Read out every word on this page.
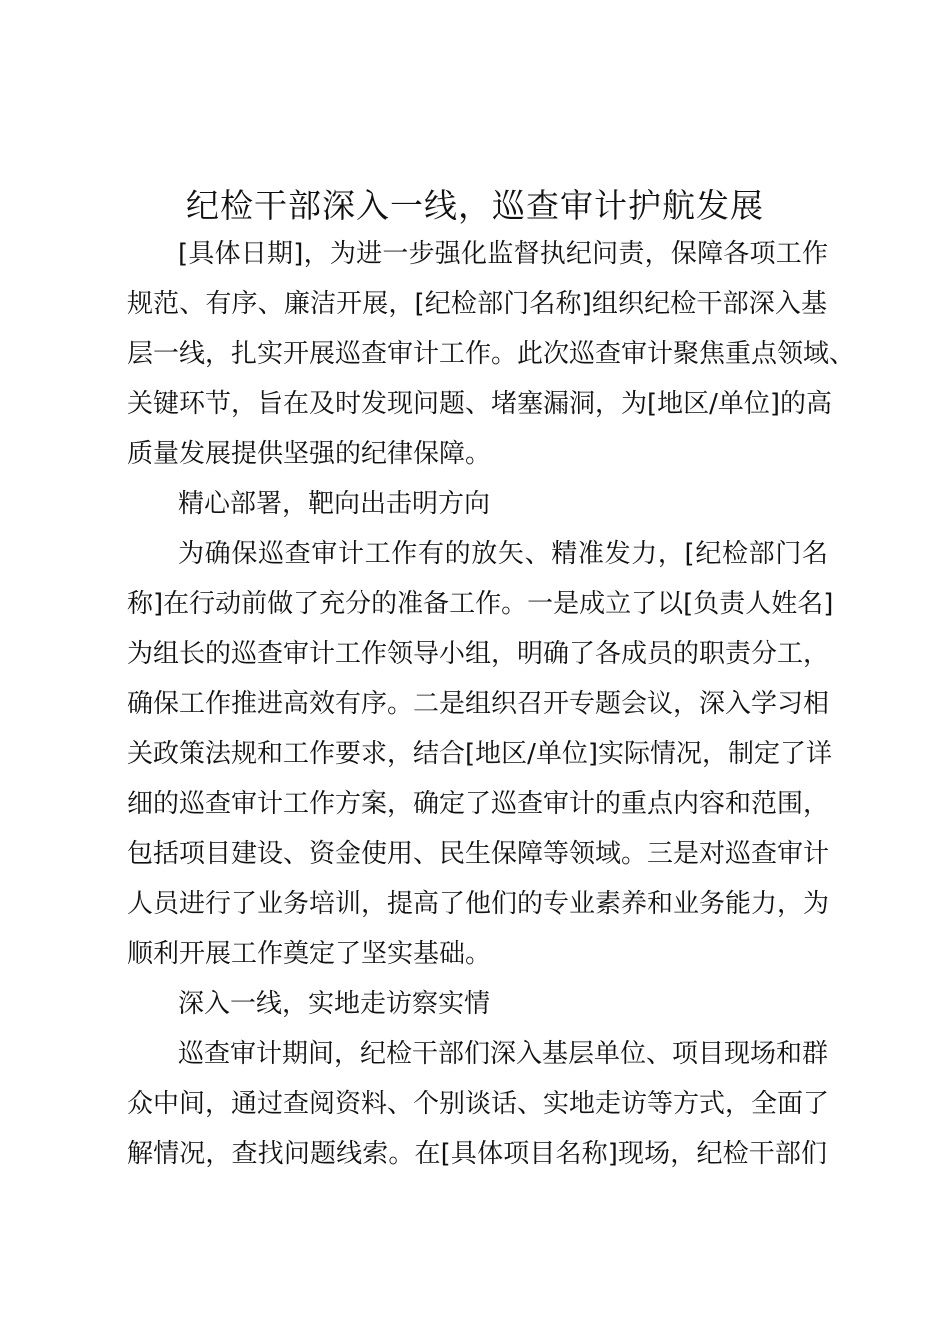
纪检干部深入一线，巡查审计护航发展
[具体日期]，为进一步强化监督执纪问责，保障各项工作
规范、有序、廉洁开展，[纪检部门名称]组织纪检干部深入基
层一线，扎实开展巡查审计工作。此次巡查审计聚焦重点领域、
关键环节，旨在及时发现问题、堵塞漏洞，为[地区/单位]的高
质量发展提供坚强的纪律保障。
精心部署，靶向出击明方向
为确保巡查审计工作有的放矢、精准发力，[纪检部门名
称]在行动前做了充分的准备工作。一是成立了以[负责人姓名]
为组长的巡查审计工作领导小组，明确了各成员的职责分工，
确保工作推进高效有序。二是组织召开专题会议，深入学习相
关政策法规和工作要求，结合[地区/单位]实际情况，制定了详
细的巡查审计工作方案，确定了巡查审计的重点内容和范围，
包括项目建设、资金使用、民生保障等领域。三是对巡查审计
人员进行了业务培训，提高了他们的专业素养和业务能力，为
顺利开展工作奠定了坚实基础。
深入一线，实地走访察实情
巡查审计期间，纪检干部们深入基层单位、项目现场和群
众中间，通过查阅资料、个别谈话、实地走访等方式，全面了
解情况，查找问题线索。在[具体项目名称]现场，纪检干部们
